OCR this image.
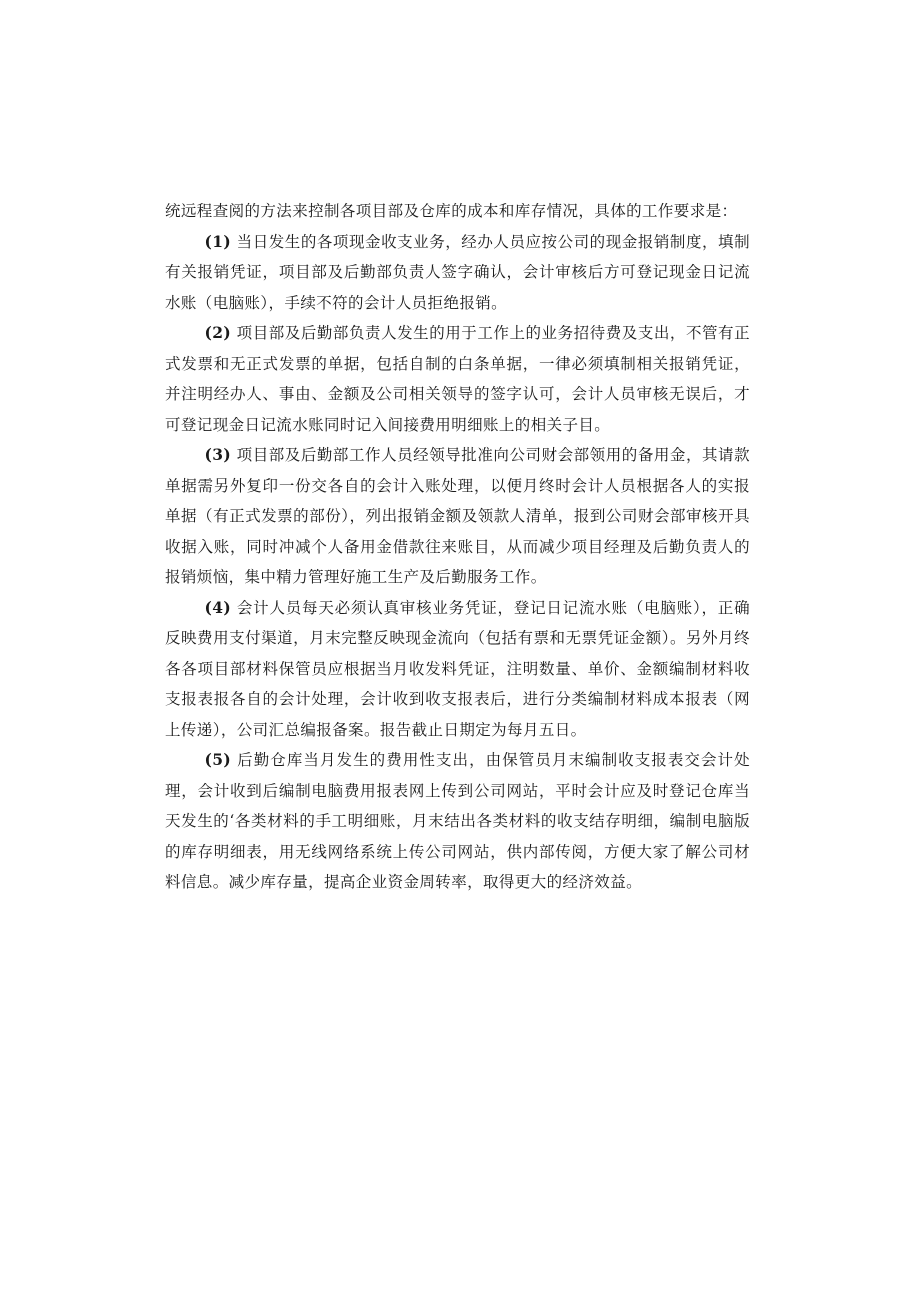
统远程查阅的方法来控制各项目部及仓库的成本和库存情况，具体的工作要求是：

(1) 当日发生的各项现金收支业务，经办人员应按公司的现金报销制度，填制有关报销凭证，项目部及后勤部负责人签字确认，会计审核后方可登记现金日记流水账（电脑账），手续不符的会计人员拒绝报销。

(2) 项目部及后勤部负责人发生的用于工作上的业务招待费及支出，不管有正式发票和无正式发票的单据，包括自制的白条单据，一律必须填制相关报销凭证，并注明经办人、事由、金额及公司相关领导的签字认可，会计人员审核无误后，才可登记现金日记流水账同时记入间接费用明细账上的相关子目。

(3) 项目部及后勤部工作人员经领导批准向公司财会部领用的备用金，其请款单据需另外复印一份交各自的会计入账处理，以便月终时会计人员根据各人的实报单据（有正式发票的部份），列出报销金额及领款人清单，报到公司财会部审核开具收据入账，同时冲减个人备用金借款往来账目，从而减少项目经理及后勤负责人的报销烦恼，集中精力管理好施工生产及后勤服务工作。

(4) 会计人员每天必须认真审核业务凭证，登记日记流水账（电脑账），正确反映费用支付渠道，月末完整反映现金流向（包括有票和无票凭证金额）。另外月终各各项目部材料保管员应根据当月收发料凭证，注明数量、单价、金额编制材料收支报表报各自的会计处理，会计收到收支报表后，进行分类编制材料成本报表（网上传递），公司汇总编报备案。报告截止日期定为每月五日。

(5) 后勤仓库当月发生的费用性支出，由保管员月末编制收支报表交会计处理，会计收到后编制电脑费用报表网上传到公司网站，平时会计应及时登记仓库当天发生的‘各类材料的手工明细账，月末结出各类材料的收支结存明细，编制电脑版的库存明细表，用无线网络系统上传公司网站，供内部传阅，方便大家了解公司材料信息。减少库存量，提高企业资金周转率，取得更大的经济效益。
